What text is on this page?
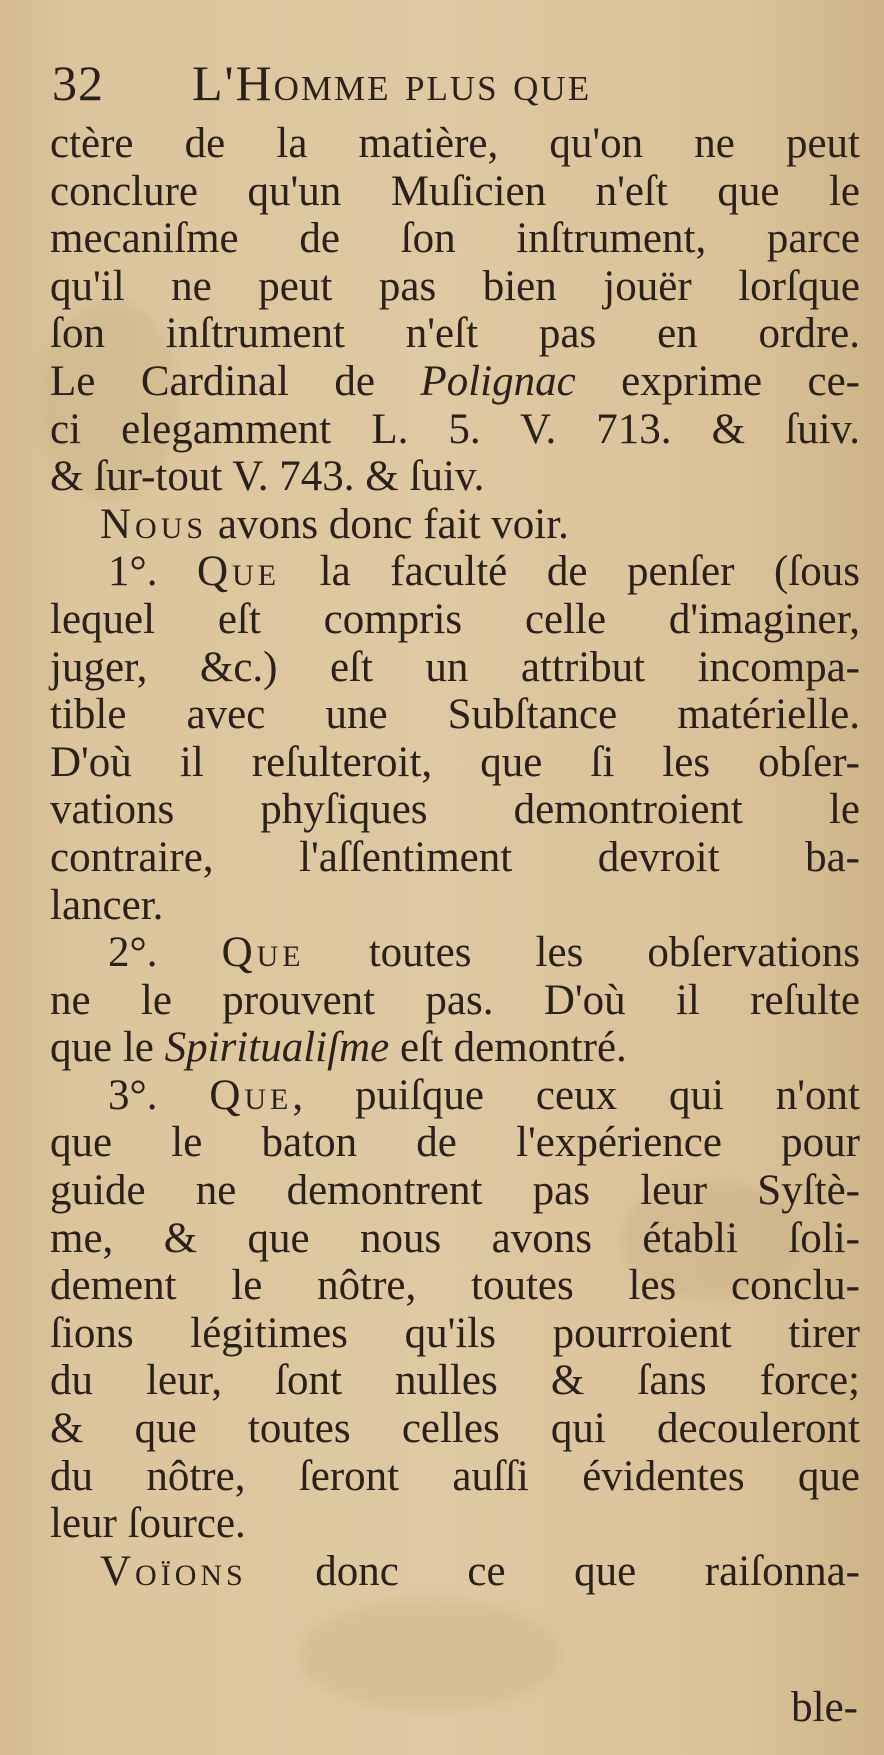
32 L'Homme plus que
ctère de la matière, qu'on ne peut
conclure qu'un Muſicien n'eſt que le
mecaniſme de ſon inſtrument, parce
qu'il ne peut pas bien jouër lorſque
ſon inſtrument n'eſt pas en ordre.
Le Cardinal de Polignac exprime ce-
ci elegamment L. 5. V. 713. & ſuiv.
& ſur-tout V. 743. & ſuiv.
Nous avons donc fait voir.
1°. Que la faculté de penſer (ſous
lequel eſt compris celle d'imaginer,
juger, &c.) eſt un attribut incompa-
tible avec une Subſtance matérielle.
D'où il reſulteroit, que ſi les obſer-
vations phyſiques demontroient le
contraire, l'aſſentiment devroit ba-
lancer.
2°. Que toutes les obſervations
ne le prouvent pas. D'où il reſulte
que le Spiritualiſme eſt demontré.
3°. Que, puiſque ceux qui n'ont
que le baton de l'expérience pour
guide ne demontrent pas leur Syſtè-
me, & que nous avons établi ſoli-
dement le nôtre, toutes les conclu-
ſions légitimes qu'ils pourroient tirer
du leur, ſont nulles & ſans force;
& que toutes celles qui decouleront
du nôtre, ſeront auſſi évidentes que
leur ſource.
Voïons donc ce que raiſonna-
ble-
